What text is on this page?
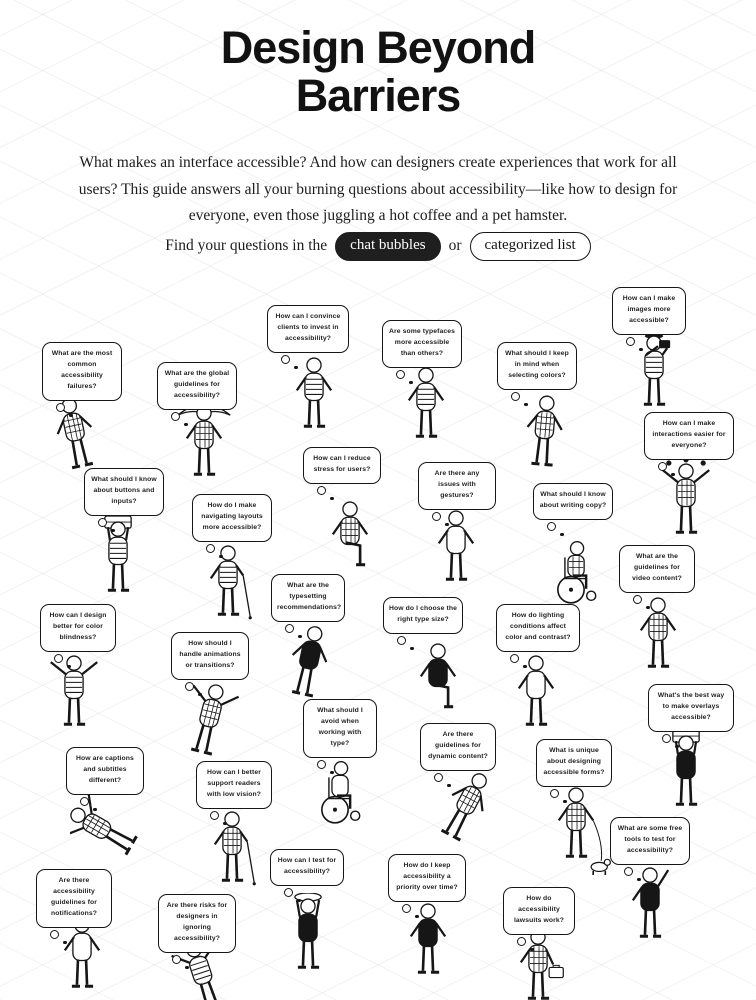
Design Beyond
Barriers

What makes an interface accessible? And how can designers create experiences that work for all users? This guide answers all your burning questions about accessibility—like how to design for everyone, even those juggling a hot coffee and a pet hamster.

Find your questions in the	chat bubbles	or	categorized list
What are the most common accessibility failures?
What are the global guidelines for accessibility?
How can I convince clients to invest in accessibility?
Are some typefaces more accessible than others?	What should I keep in mind when selecting colors?
How can I make images more accessible?
How can I make interactions easier for everyone?
What should I know about buttons and inputs?
How do I make navigating layouts more accessible?
How can I reduce stress for users?
Are there any issues with gestures?	What should I know about writing copy?
What are the guidelines for video content?
How can I design better for color blindness?
How should I handle animations or transitions?
What are the typesetting recommendations?	How do I choose the right type size?
How do lighting conditions affect color and contrast?
What's the best way to make overlays accessible?
What should I avoid when working with type?
Are there guidelines for dynamic content?
What is unique about designing accessible forms?
How are captions and subtitles different?
How can I better support readers with low vision?
What are some free tools to test for accessibility?
How can I test for accessibility?
How do I keep accessibility a priority over time?
How do accessibility lawsuits work?
Are there accessibility guidelines for notifications?
Are there risks for designers in ignoring accessibility?
